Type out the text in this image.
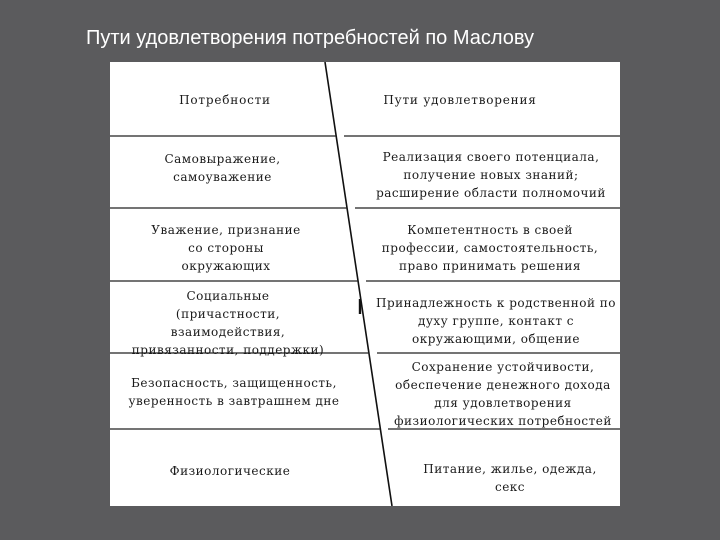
Пути удовлетворения потребностей по Маслову
Потребности	Пути удовлетворения
Самовыражение,
самоуважение
Реализация своего потенциала,
получение новых знаний;
расширение области полномочий
Уважение, признание
со стороны
окружающих
Компетентность в своей
профессии, самостоятельность,
право принимать решения
Социальные
(причастности,
взаимодействия,
привязанности, поддержки)
Принадлежность к родственной по
духу группе, контакт с
окружающими, общение
Безопасность, защищенность,
уверенность в завтрашнем дне
Сохранение устойчивости,
обеспечение денежного дохода
для удовлетворения
физиологических потребностей
Физиологические	Питание, жилье, одежда,
секс
